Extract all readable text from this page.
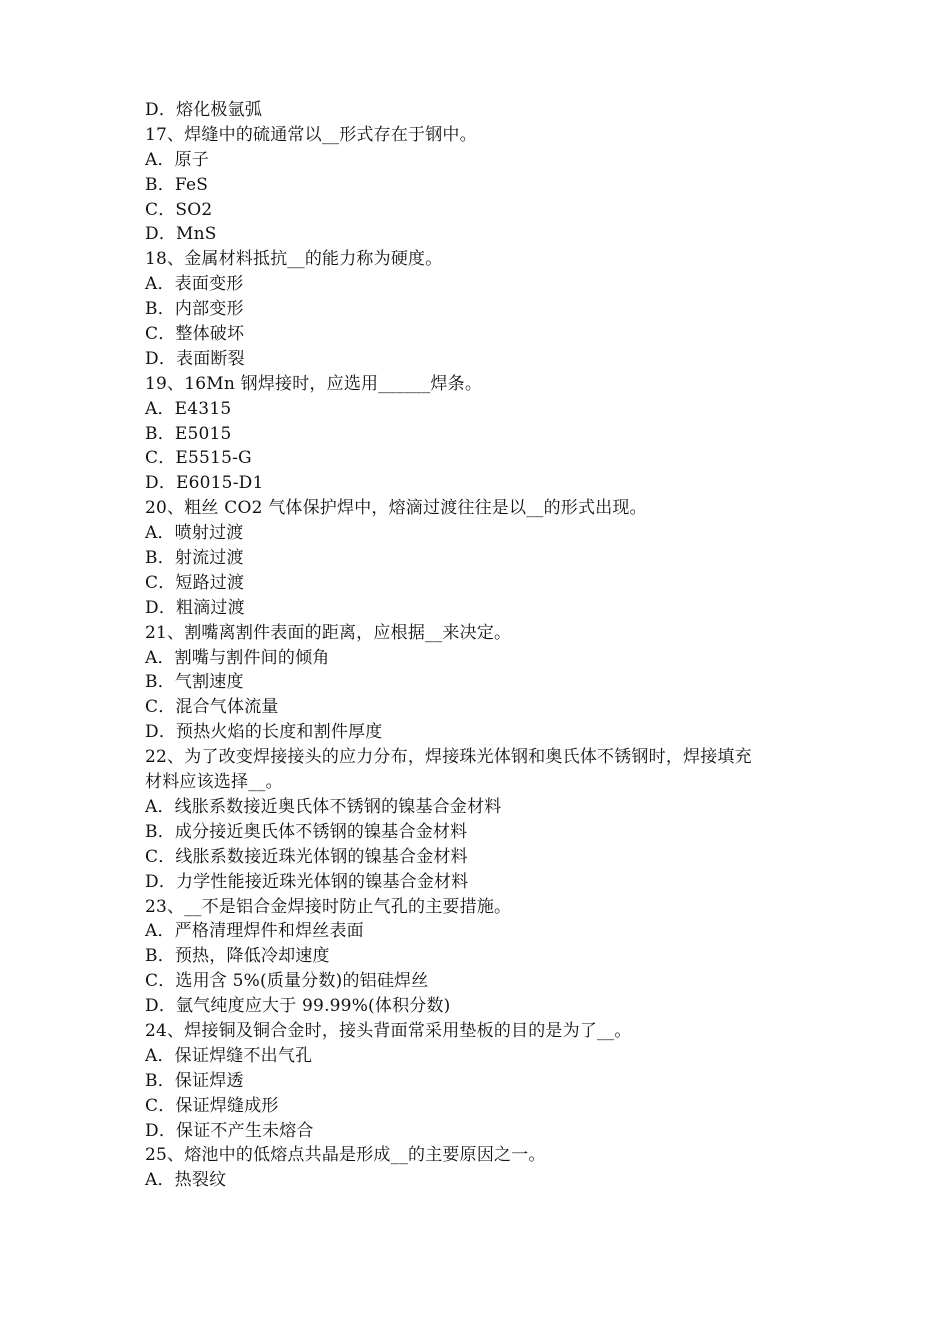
D．熔化极氩弧
17、焊缝中的硫通常以__形式存在于钢中。
A．原子
B．FeS
C．SO2
D．MnS
18、金属材料抵抗__的能力称为硬度。
A．表面变形
B．内部变形
C．整体破坏
D．表面断裂
19、16Mn 钢焊接时，应选用______焊条。
A．E4315
B．E5015
C．E5515-G
D．E6015-D1
20、粗丝 CO2 气体保护焊中，熔滴过渡往往是以__的形式出现。
A．喷射过渡
B．射流过渡
C．短路过渡
D．粗滴过渡
21、割嘴离割件表面的距离，应根据__来决定。
A．割嘴与割件间的倾角
B．气割速度
C．混合气体流量
D．预热火焰的长度和割件厚度
22、为了改变焊接接头的应力分布，焊接珠光体钢和奥氏体不锈钢时，焊接填充
材料应该选择__。
A．线胀系数接近奥氏体不锈钢的镍基合金材料
B．成分接近奥氏体不锈钢的镍基合金材料
C．线胀系数接近珠光体钢的镍基合金材料
D．力学性能接近珠光体钢的镍基合金材料
23、__不是铝合金焊接时防止气孔的主要措施。
A．严格清理焊件和焊丝表面
B．预热，降低冷却速度
C．选用含 5%(质量分数)的铝硅焊丝
D．氩气纯度应大于 99.99%(体积分数)
24、焊接铜及铜合金时，接头背面常采用垫板的目的是为了__。
A．保证焊缝不出气孔
B．保证焊透
C．保证焊缝成形
D．保证不产生未熔合
25、熔池中的低熔点共晶是形成__的主要原因之一。
A．热裂纹
